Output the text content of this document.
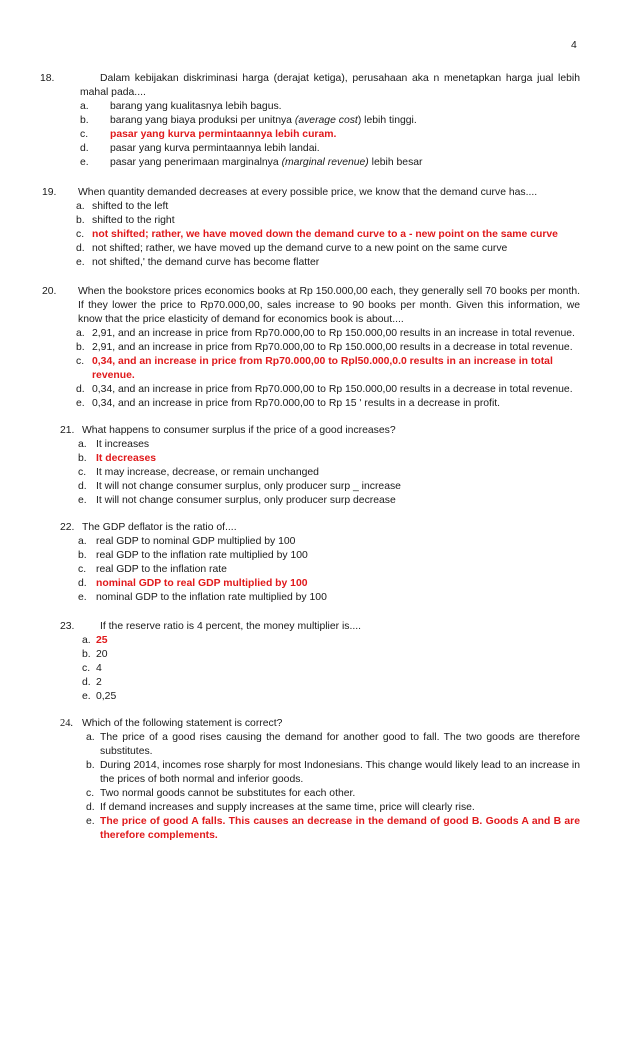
4
18.	Dalam kebijakan diskriminasi harga (derajat ketiga), perusahaan aka n menetapkan harga jual lebih mahal pada....
a.	barang yang kualitasnya lebih bagus.
b.	barang yang biaya produksi per unitnya (average cost) lebih tinggi.
c.	pasar yang kurva permintaannya lebih curam.
d.	pasar yang kurva permintaannya lebih landai.
e.	pasar yang penerimaan marginalnya (marginal revenue) lebih besar
19. When quantity demanded decreases at every possible price, we know that the demand curve has....
a. shifted to the left
b. shifted to the right
c. not shifted; rather, we have moved down the demand curve to a - new point on the same curve
d. not shifted; rather, we have moved up the demand curve to a new point on the same curve
e. not shifted,' the demand curve has become flatter
20. When the bookstore prices economics books at Rp 150.000,00 each, they generally sell 70 books per month. If they lower the price to Rp70.000,00, sales increase to 90 books per month. Given this information, we know that the price elasticity of demand for economics book is about....
a. 2,91, and an increase in price from Rp70.000,00 to Rp 150.000,00 results in an increase in total revenue.
b. 2,91, and an increase in price from Rp70.000,00 to Rp 150.000,00 results in a decrease in total revenue.
c. 0,34, and an increase in price from Rp70.000,00 to Rpl50.000,0.0 results in an increase in total revenue.
d. 0,34, and an increase in price from Rp70.000,00 to Rp 150.000,00 results in a decrease in total revenue.
e. 0,34, and an increase in price from Rp70.000,00 to Rp 15 ' results in a decrease in profit.
21. What happens to consumer surplus if the price of a good increases?
a. It increases
b. It decreases
c. It may increase, decrease, or remain unchanged
d. It will not change consumer surplus, only producer surp _ increase
e. It will not change consumer surplus, only producer surp decrease
22. The GDP deflator is the ratio of....
a. real GDP to nominal GDP multiplied by 100
b. real GDP to the inflation rate multiplied by 100
c. real GDP to the inflation rate
d. nominal GDP to real GDP multiplied by 100
e. nominal GDP to the inflation rate multiplied by 100
23. If the reserve ratio is 4 percent, the money multiplier is....
a. 25
b. 20
c. 4
d. 2
e. 0,25
24. Which of the following statement is correct?
a. The price of a good rises causing the demand for another good to fall. The two goods are therefore substitutes.
b. During 2014, incomes rose sharply for most Indonesians. This change would likely lead to an increase in the prices of both normal and inferior goods.
c. Two normal goods cannot be substitutes for each other.
d. If demand increases and supply increases at the same time, price will clearly rise.
e. The price of good A falls. This causes an decrease in the demand of good B. Goods A and B are therefore complements.
